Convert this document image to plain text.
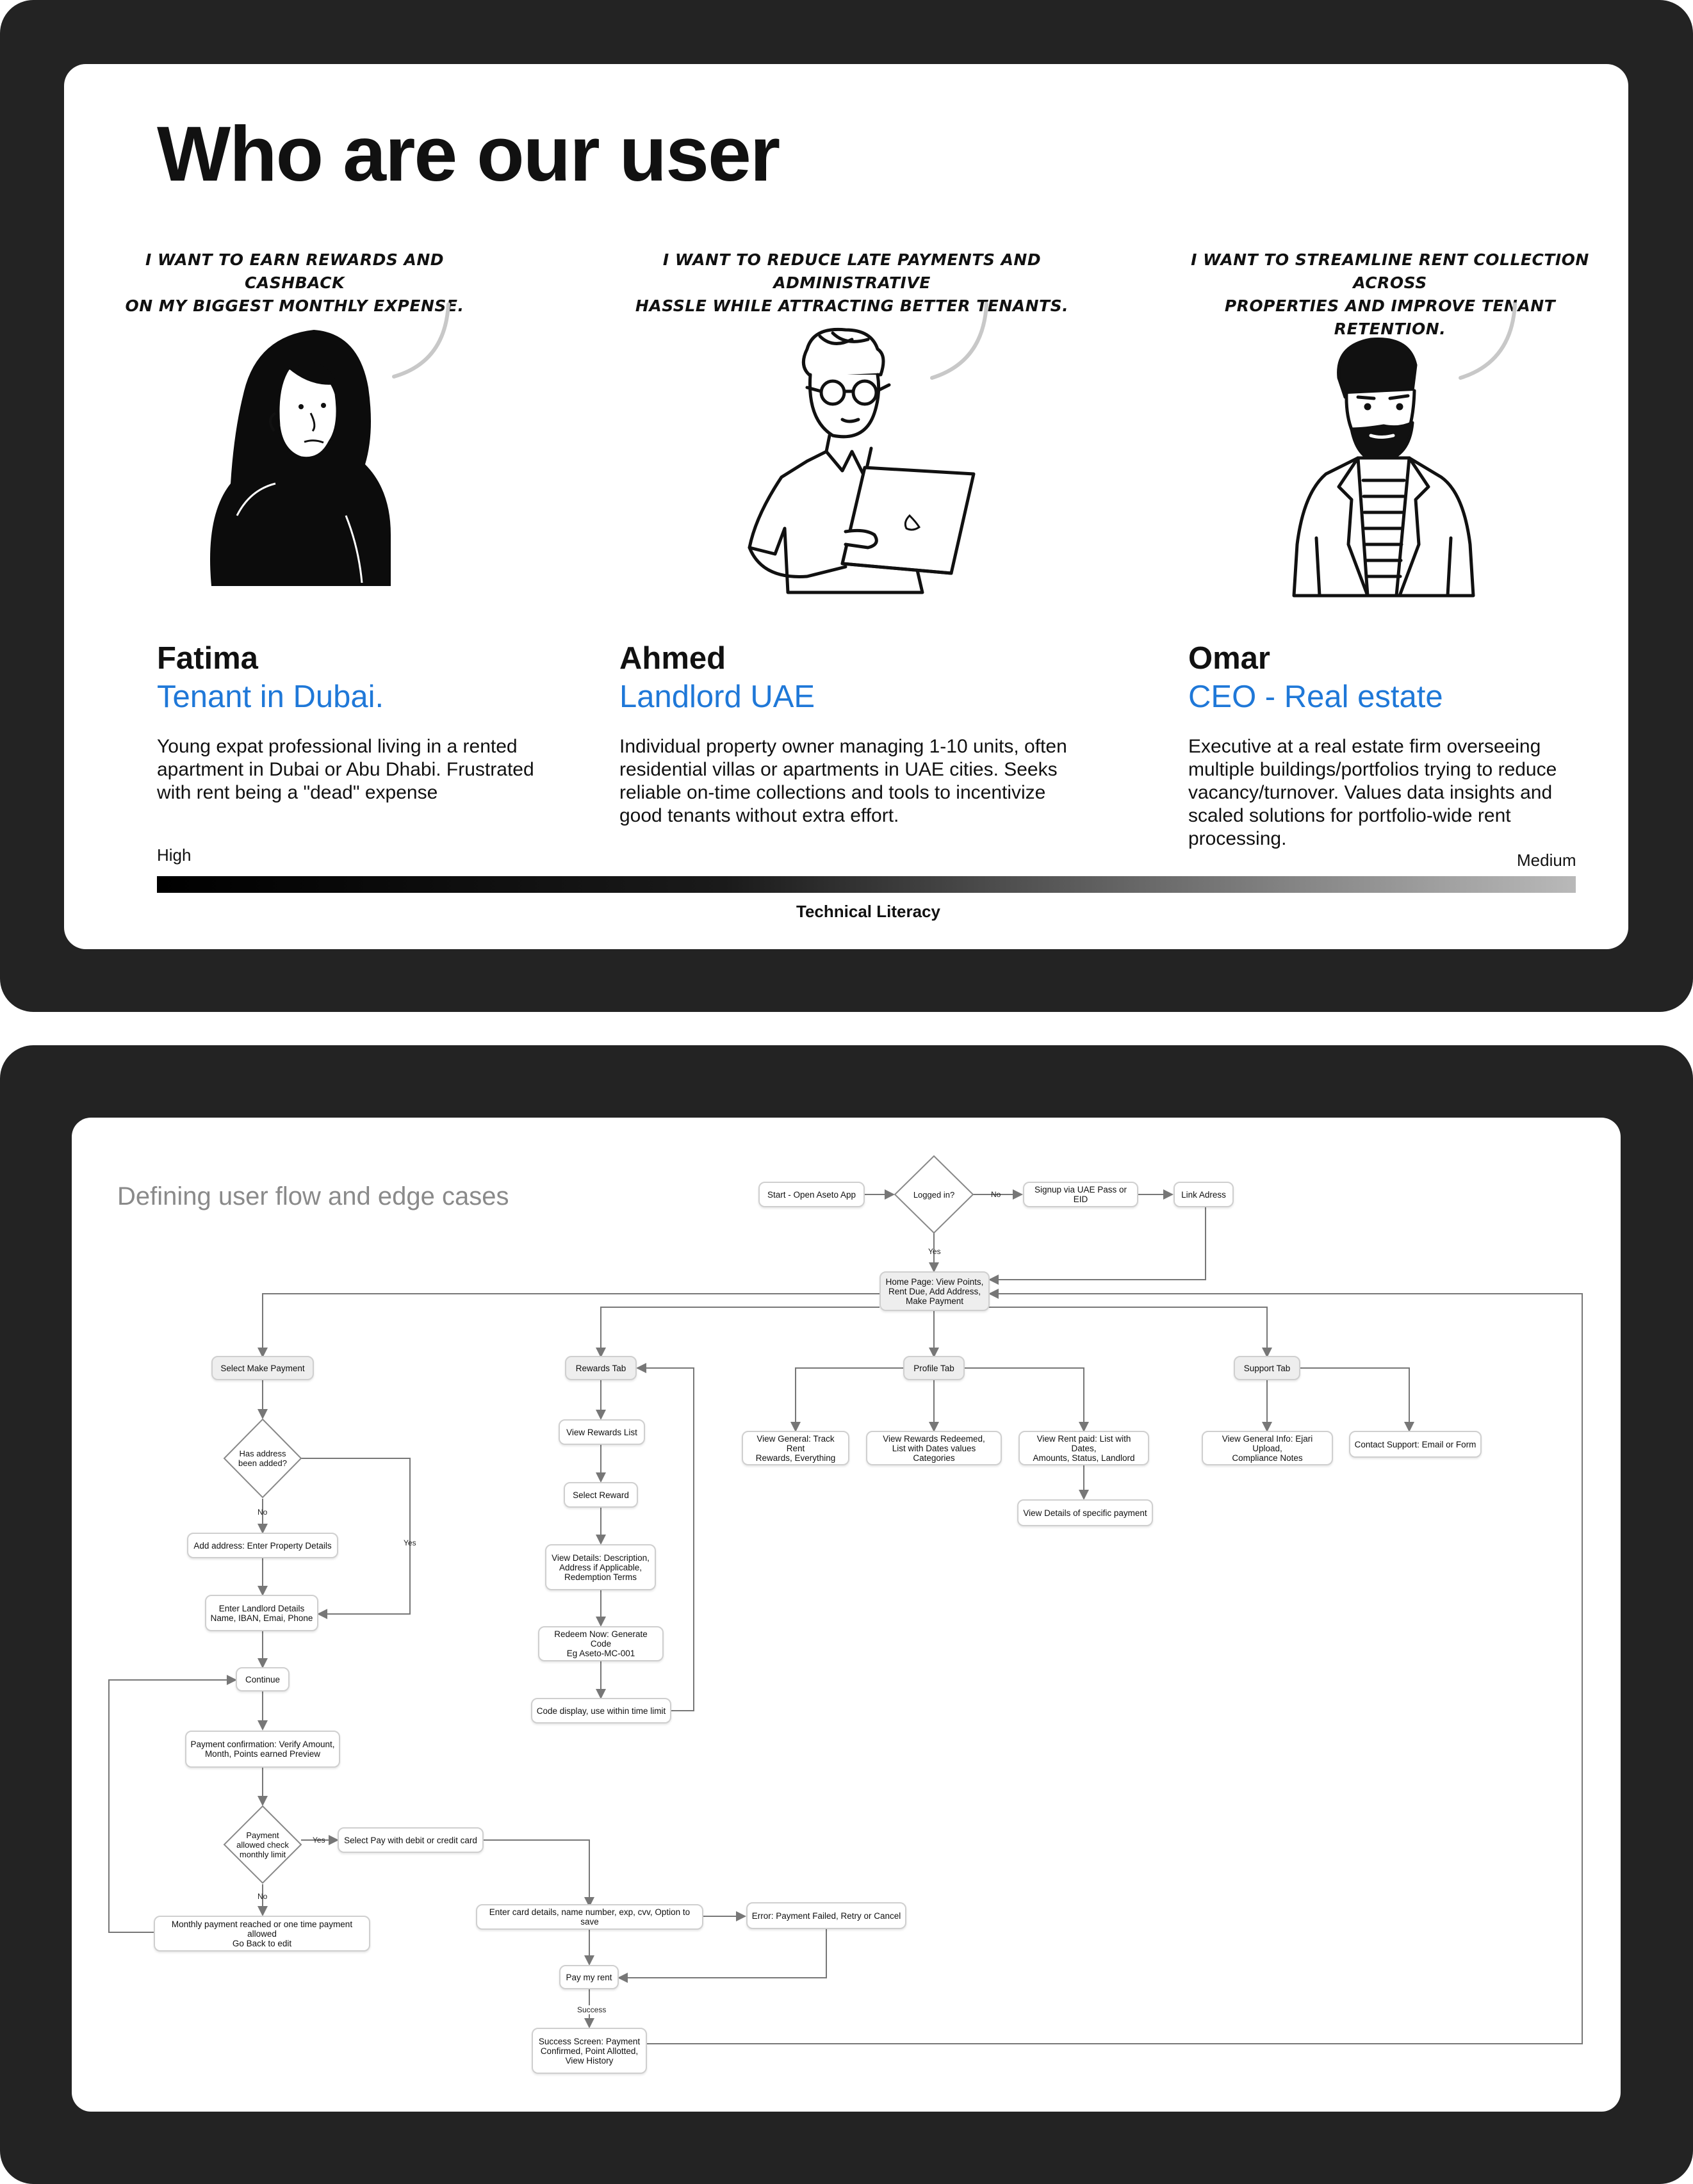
Who are our user
I WANT TO EARN REWARDS AND CASHBACK
ON MY BIGGEST MONTHLY EXPENSE.
I WANT TO REDUCE LATE PAYMENTS AND ADMINISTRATIVE
HASSLE WHILE ATTRACTING BETTER TENANTS.
I WANT TO STREAMLINE RENT COLLECTION ACROSS
PROPERTIES AND IMPROVE TENANT RETENTION.
Fatima
Tenant in Dubai.
Young expat professional living in a rented apartment in Dubai or Abu Dhabi. Frustrated with rent being a "dead" expense
Ahmed
Landlord UAE
Individual property owner managing 1-10 units, often residential villas or apartments in UAE cities. Seeks reliable on-time collections and tools to incentivize good tenants without extra effort.
Omar
CEO - Real estate
Executive at a real estate firm overseeing multiple buildings/portfolios trying to reduce vacancy/turnover. Values data insights and scaled solutions for portfolio-wide rent processing.
High	Medium
Technical Literacy
Defining user flow and edge cases	Logged in?
Has address
been added?
Payment
allowed check
monthly limit
No
Yes
No
Yes
Yes
No
Success
Start - Open Aseto App	Signup via UAE Pass or EID	Link Adress
Home Page: View Points,
Rent Due, Add Address,
Make Payment
Select Make Payment	Rewards Tab	Profile Tab	Support Tab
Add address: Enter Property Details
Enter Landlord Details
Name, IBAN, Emai, Phone
Continue
Payment confirmation: Verify Amount,
Month, Points earned Preview
Select Pay with debit or credit card
Monthly payment reached or one time payment allowed
Go Back to edit
Enter card details, name number, exp, cvv, Option to save
Error: Payment Failed, Retry or Cancel
Pay my rent
Success Screen: Payment
Confirmed, Point Allotted,
View History
View Rewards List
Select Reward
View Details: Description,
Address if Applicable,
Redemption Terms
Redeem Now: Generate Code
Eg Aseto-MC-001
Code display, use within time limit
View General: Track Rent
Rewards, Everything
View Rewards Redeemed,
List with Dates values Categories
View Rent paid: List with Dates,
Amounts, Status, Landlord
View Details of specific payment
View General Info: Ejari Upload,
Compliance Notes
Contact Support: Email or Form
